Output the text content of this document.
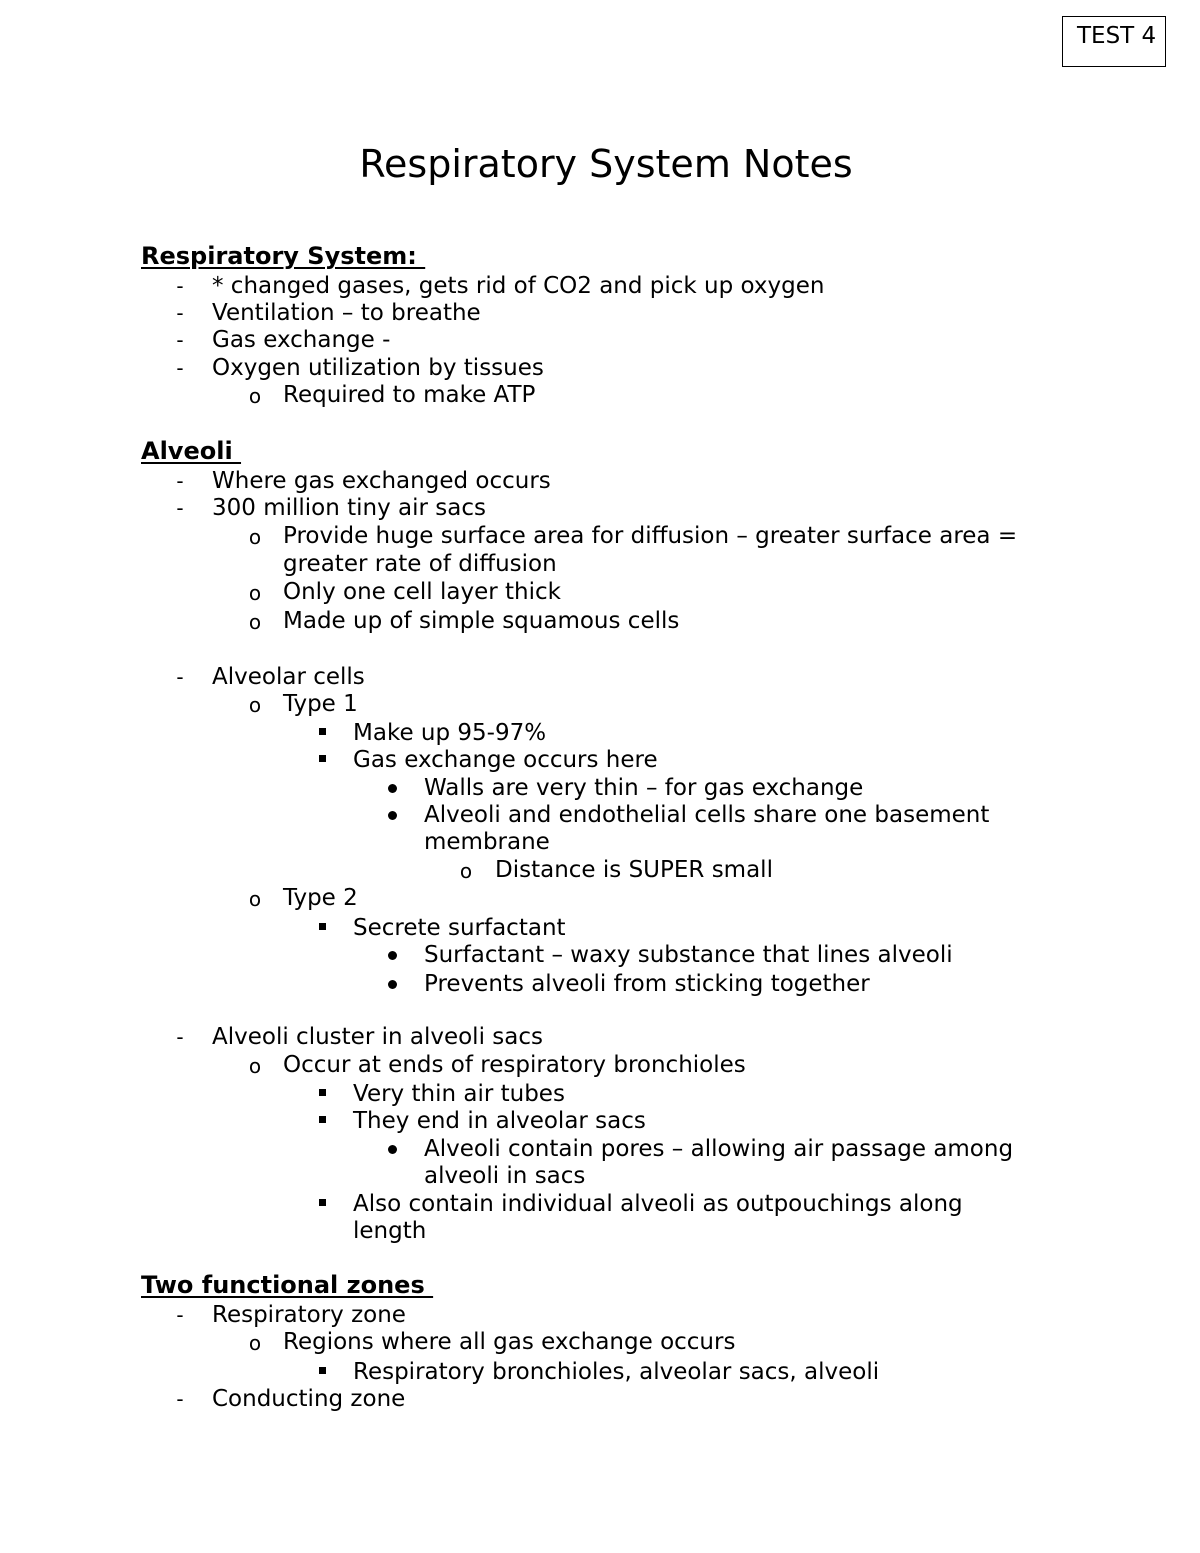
TEST 4
Respiratory System Notes
Respiratory System:
- * changed gases, gets rid of CO2 and pick up oxygen
- Ventilation – to breathe
- Gas exchange -
- Oxygen utilization by tissues
o Required to make ATP
Alveoli
- Where gas exchanged occurs
- 300 million tiny air sacs
o Provide huge surface area for diffusion – greater surface area =
greater rate of diffusion
o Only one cell layer thick
o Made up of simple squamous cells
- Alveolar cells
o Type 1
Make up 95-97%
Gas exchange occurs here
Walls are very thin – for gas exchange
Alveoli and endothelial cells share one basement
membrane
o Distance is SUPER small
o Type 2
Secrete surfactant
Surfactant – waxy substance that lines alveoli
Prevents alveoli from sticking together
- Alveoli cluster in alveoli sacs
o Occur at ends of respiratory bronchioles
Very thin air tubes
They end in alveolar sacs
Alveoli contain pores – allowing air passage among
alveoli in sacs
Also contain individual alveoli as outpouchings along
length
Two functional zones
- Respiratory zone
o Regions where all gas exchange occurs
Respiratory bronchioles, alveolar sacs, alveoli
- Conducting zone
